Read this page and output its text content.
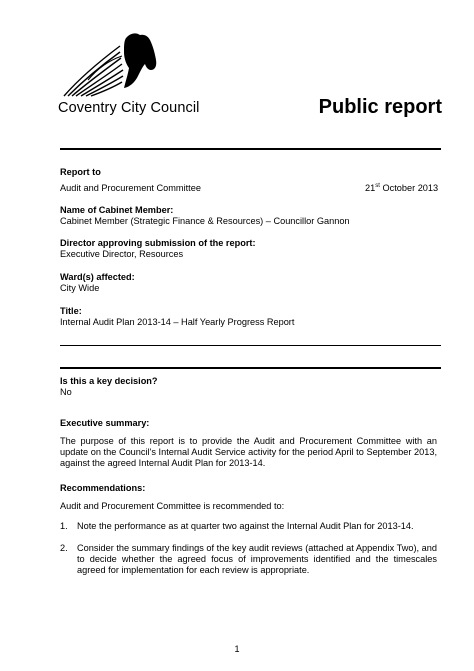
Coventry City Council	Public report
Report to
Audit and Procurement Committee	21st October 2013
Name of Cabinet Member:
Cabinet Member (Strategic Finance & Resources) – Councillor Gannon
Director approving submission of the report:
Executive Director, Resources
Ward(s) affected:
City Wide
Title:
Internal Audit Plan 2013-14 – Half Yearly Progress Report
Is this a key decision?
No
Executive summary:
The purpose of this report is to provide the Audit and Procurement Committee with an update on the Council's Internal Audit Service activity for the period April to September 2013, against the agreed Internal Audit Plan for 2013-14.
Recommendations:
Audit and Procurement Committee is recommended to:
1. Note the performance as at quarter two against the Internal Audit Plan for 2013-14.
2. Consider the summary findings of the key audit reviews (attached at Appendix Two), and to decide whether the agreed focus of improvements identified and the timescales agreed for implementation for each review is appropriate.
1
